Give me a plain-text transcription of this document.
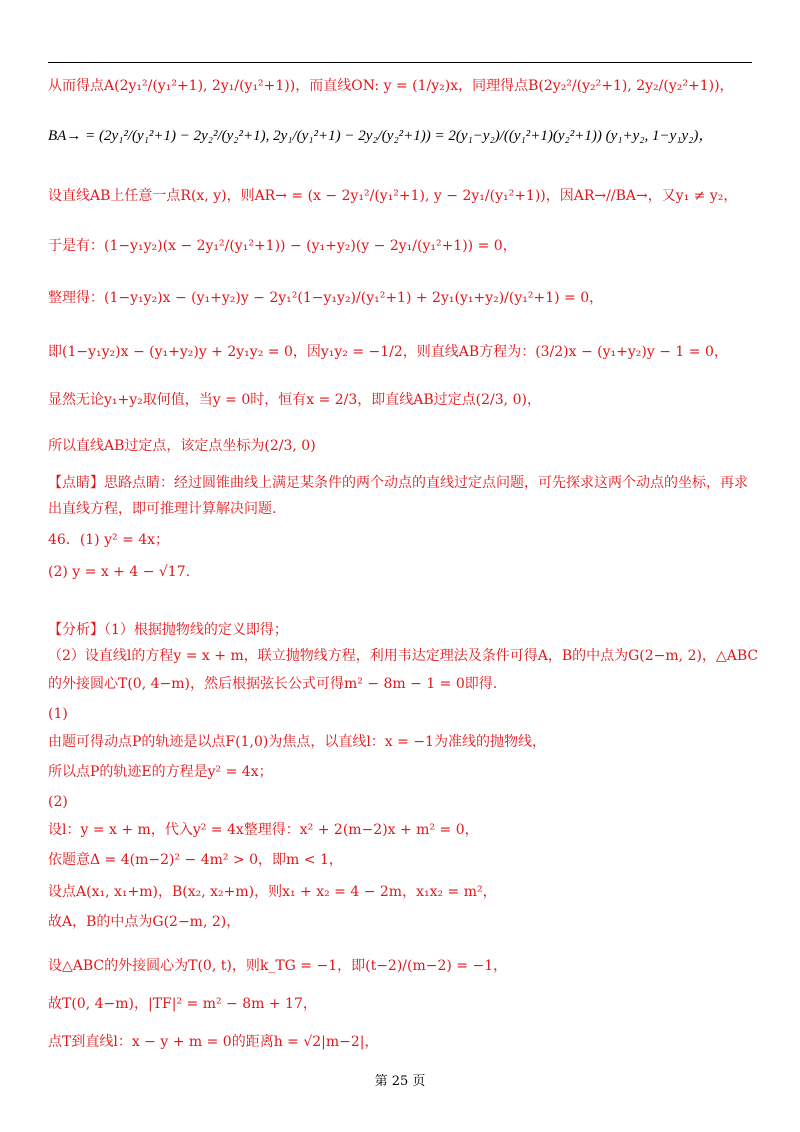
从而得点A(2y₁²/(y₁²+1), 2y₁/(y₁²+1))，而直线ON: y = (1/y₂)x，同理得点B(2y₂²/(y₂²+1), 2y₂/(y₂²+1))，
BA→ = (2y₁²/(y₁²+1) − 2y₂²/(y₂²+1), 2y₁/(y₁²+1) − 2y₂/(y₂²+1)) = 2(y₁−y₂)/((y₁²+1)(y₂²+1)) (y₁+y₂, 1−y₁y₂)，
设直线AB上任意一点R(x, y)，则AR→ = (x − 2y₁²/(y₁²+1), y − 2y₁/(y₁²+1))，因AR→//BA→，又y₁ ≠ y₂，
于是有：(1−y₁y₂)(x − 2y₁²/(y₁²+1)) − (y₁+y₂)(y − 2y₁/(y₁²+1)) = 0，
整理得：(1−y₁y₂)x − (y₁+y₂)y − 2y₁²(1−y₁y₂)/(y₁²+1) + 2y₁(y₁+y₂)/(y₁²+1) = 0，
即(1−y₁y₂)x − (y₁+y₂)y + 2y₁y₂ = 0，因y₁y₂ = −1/2，则直线AB方程为：(3/2)x − (y₁+y₂)y − 1 = 0，
显然无论y₁+y₂取何值，当y = 0时，恒有x = 2/3，即直线AB过定点(2/3, 0)，
所以直线AB过定点，该定点坐标为(2/3, 0)
【点睛】思路点睛：经过圆锥曲线上满足某条件的两个动点的直线过定点问题，可先探求这两个动点的坐标，再求出直线方程，即可推理计算解决问题.
46．(1) y² = 4x；
(2) y = x + 4 − √17.
【分析】（1）根据抛物线的定义即得；
（2）设直线l的方程y = x + m，联立抛物线方程，利用韦达定理法及条件可得A，B的中点为G(2−m, 2)，△ABC
的外接圆心T(0, 4−m)，然后根据弦长公式可得m² − 8m − 1 = 0即得.
(1)
由题可得动点P的轨迹是以点F(1,0)为焦点，以直线l：x = −1为准线的抛物线，
所以点P的轨迹E的方程是y² = 4x；
(2)
设l：y = x + m，代入y² = 4x整理得：x² + 2(m−2)x + m² = 0，
依题意Δ = 4(m−2)² − 4m² > 0，即m < 1，
设点A(x₁, x₁+m)，B(x₂, x₂+m)，则x₁ + x₂ = 4 − 2m，x₁x₂ = m²，
故A，B的中点为G(2−m, 2)，
设△ABC的外接圆心为T(0, t)，则k_TG = −1，即(t−2)/(m−2) = −1，
故T(0, 4−m)，|TF|² = m² − 8m + 17，
点T到直线l：x − y + m = 0的距离h = √2|m−2|，
第 25 页
